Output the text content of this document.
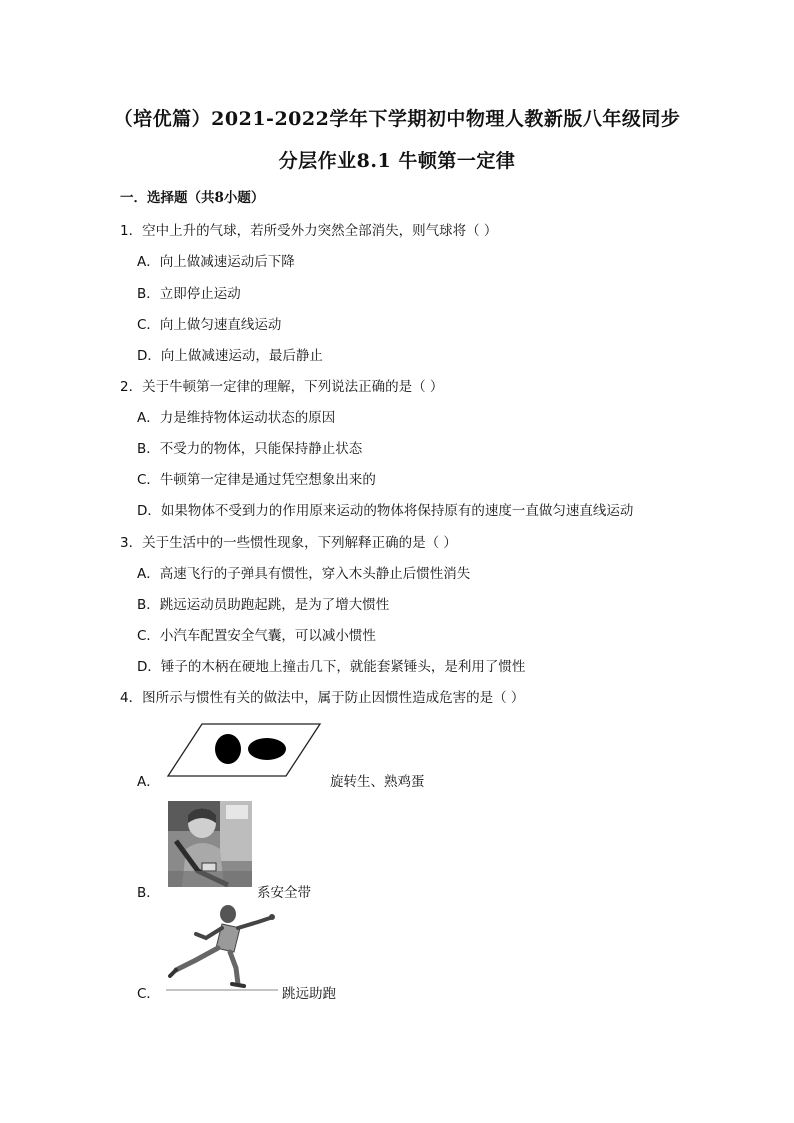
（培优篇）2021-2022学年下学期初中物理人教新版八年级同步
分层作业8.1 牛顿第一定律
一．选择题（共8小题）
1．空中上升的气球，若所受外力突然全部消失，则气球将（ ）
A．向上做减速运动后下降
B．立即停止运动
C．向上做匀速直线运动
D．向上做减速运动，最后静止
2．关于牛顿第一定律的理解，下列说法正确的是（ ）
A．力是维持物体运动状态的原因
B．不受力的物体，只能保持静止状态
C．牛顿第一定律是通过凭空想象出来的
D．如果物体不受到力的作用原来运动的物体将保持原有的速度一直做匀速直线运动
3．关于生活中的一些惯性现象，下列解释正确的是（ ）
A．高速飞行的子弹具有惯性，穿入木头静止后惯性消失
B．跳远运动员助跑起跳，是为了增大惯性
C．小汽车配置安全气囊，可以减小惯性
D．锤子的木柄在硬地上撞击几下，就能套紧锤头，是利用了惯性
4．图所示与惯性有关的做法中，属于防止因惯性造成危害的是（ ）
A．	旋转生、熟鸡蛋
B．	系安全带
C．	跳远助跑
